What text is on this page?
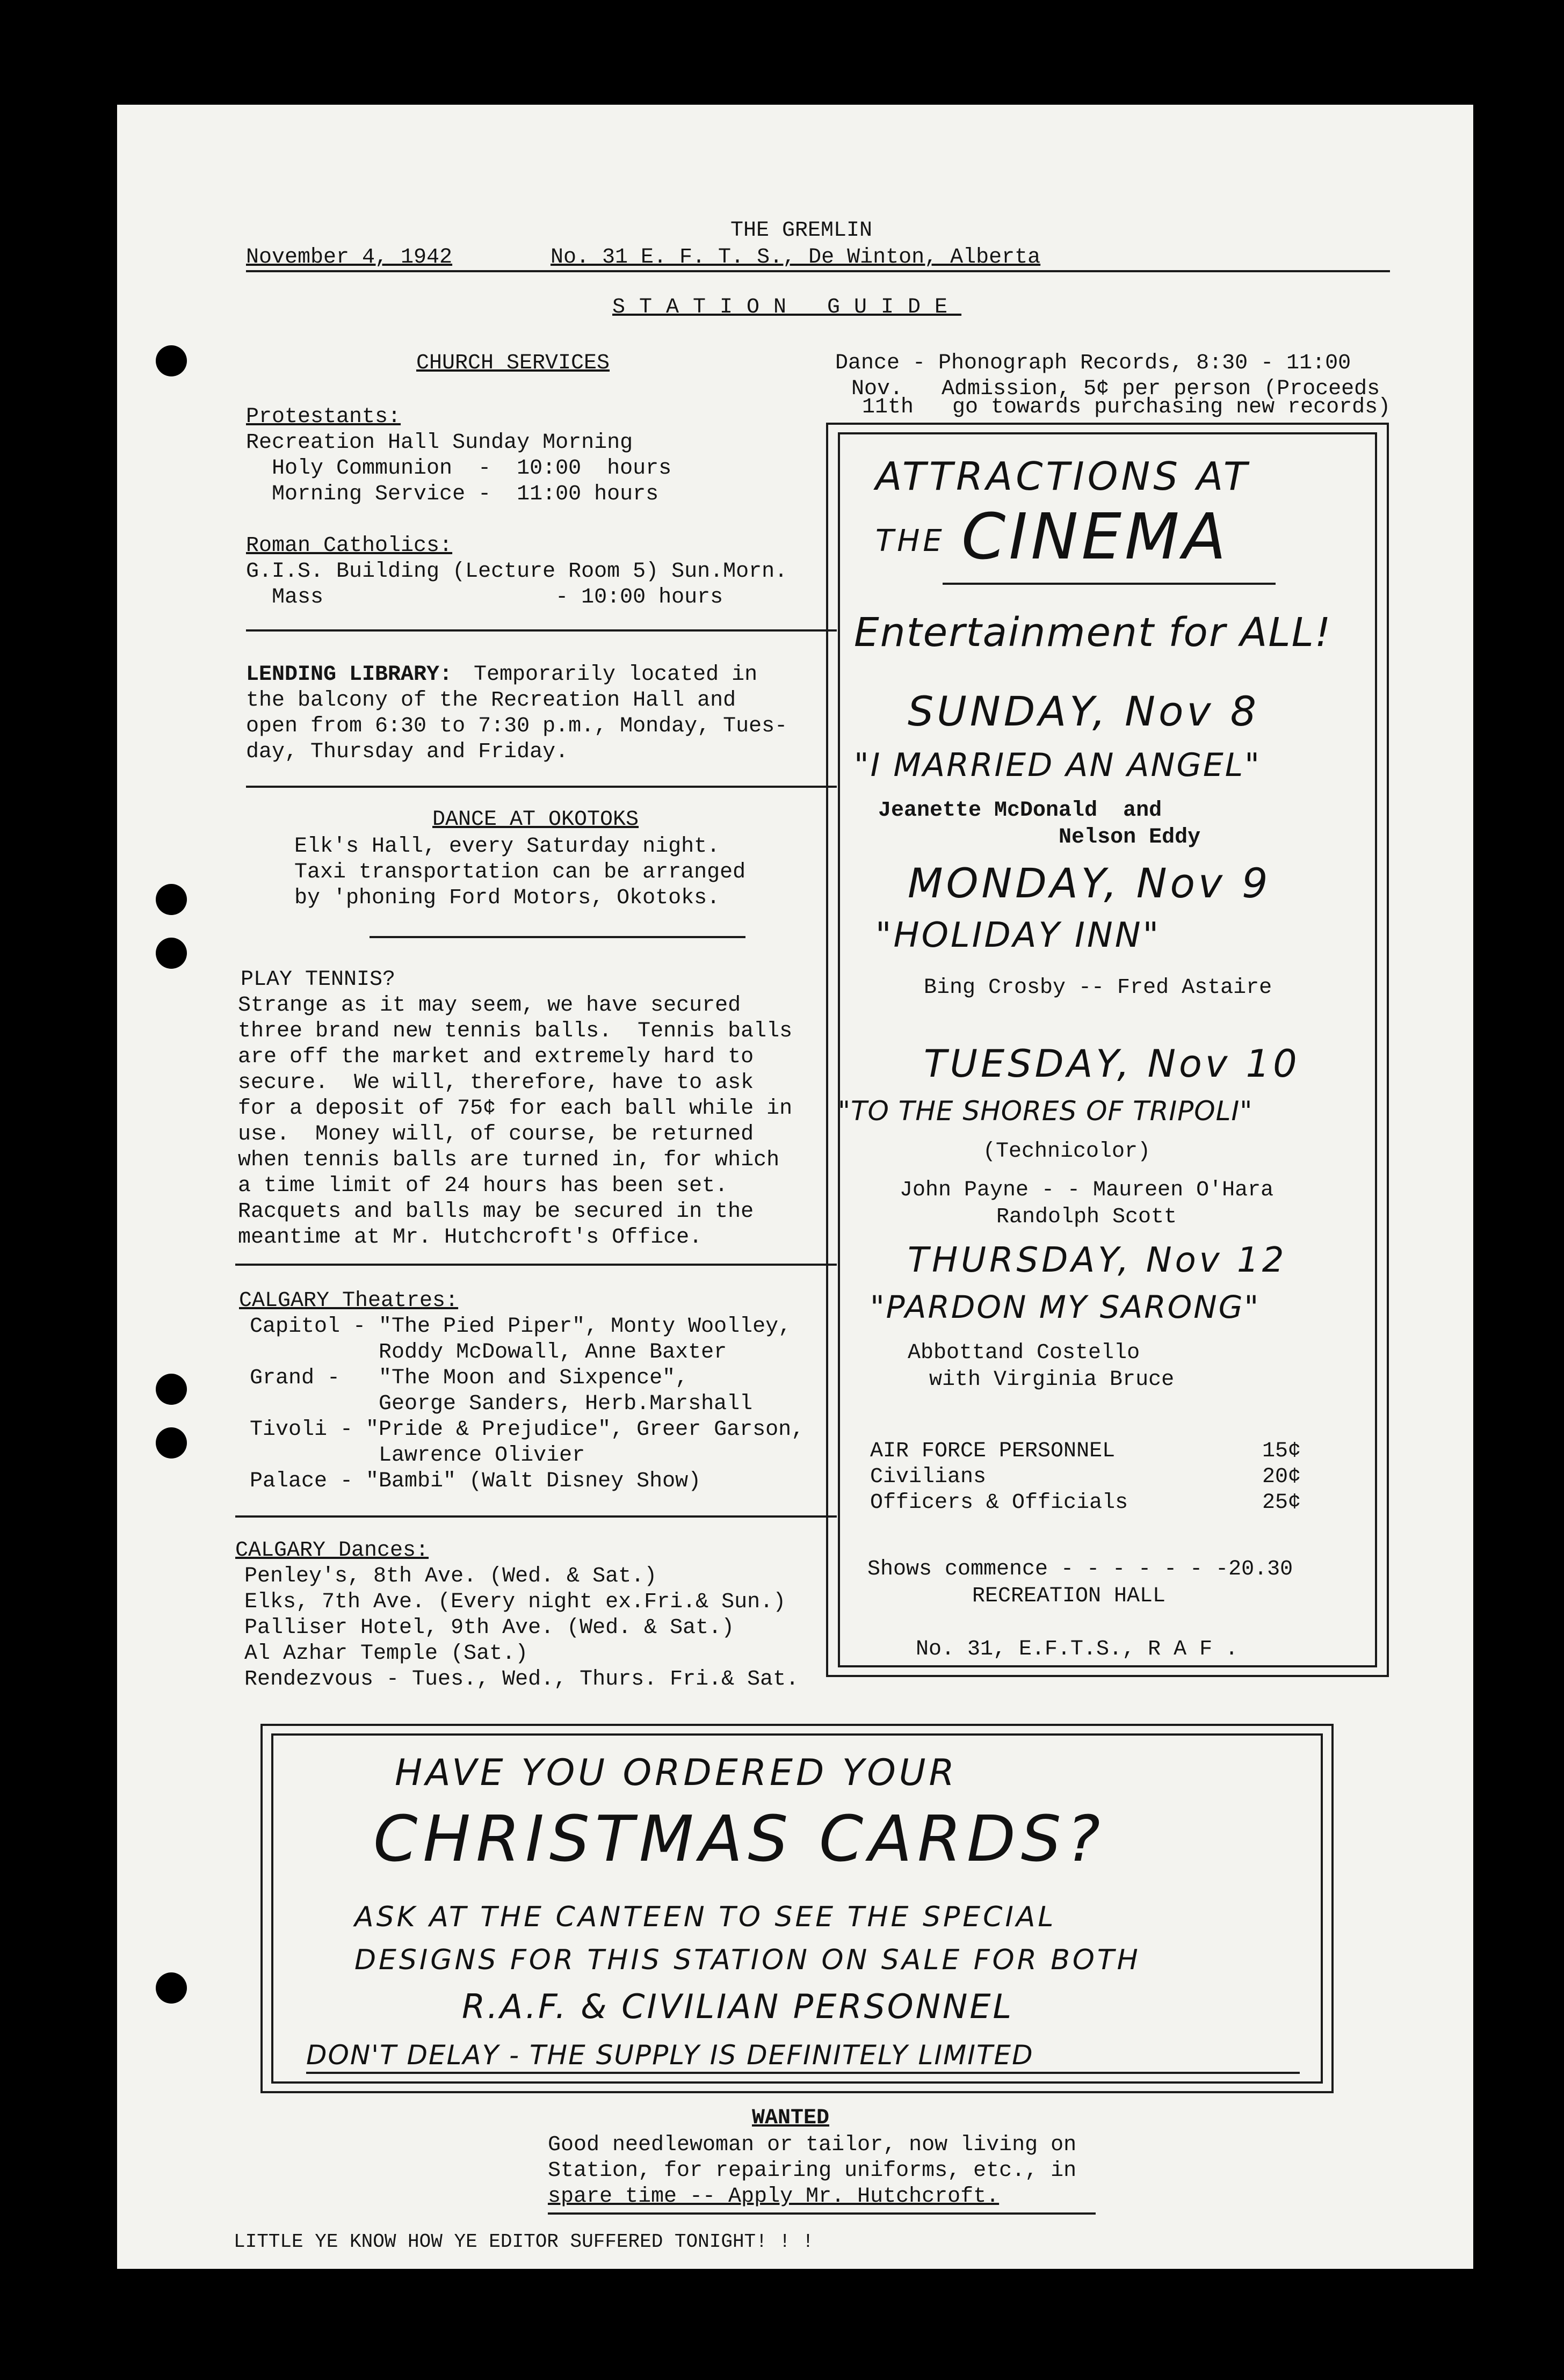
THE GREMLIN
November 4, 1942	No. 31 E. F. T. S., De Winton, Alberta
STATION GUIDE
CHURCH SERVICES
Protestants:
Recreation Hall Sunday Morning
Holy Communion  -  10:00  hours
Morning Service -  11:00 hours
Roman Catholics:
G.I.S. Building (Lecture Room 5) Sun.Morn.
Mass                  - 10:00 hours
LENDING LIBRARY: Temporarily located in
the balcony of the Recreation Hall and
open from 6:30 to 7:30 p.m., Monday, Tues-
day, Thursday and Friday.
DANCE AT OKOTOKS
Elk's Hall, every Saturday night.
Taxi transportation can be arranged
by 'phoning Ford Motors, Okotoks.
PLAY TENNIS?
Strange as it may seem, we have secured
three brand new tennis balls.  Tennis balls
are off the market and extremely hard to
secure.  We will, therefore, have to ask
for a deposit of 75¢ for each ball while in
use.  Money will, of course, be returned
when tennis balls are turned in, for which
a time limit of 24 hours has been set.
Racquets and balls may be secured in the
meantime at Mr. Hutchcroft's Office.
CALGARY Theatres:
Capitol - "The Pied Piper", Monty Woolley,
Roddy McDowall, Anne Baxter
Grand -   "The Moon and Sixpence",
George Sanders, Herb.Marshall
Tivoli - "Pride & Prejudice", Greer Garson,
Lawrence Olivier
Palace - "Bambi" (Walt Disney Show)
CALGARY Dances:
Penley's, 8th Ave. (Wed. & Sat.)
Elks, 7th Ave. (Every night ex.Fri.& Sun.)
Palliser Hotel, 9th Ave. (Wed. & Sat.)
Al Azhar Temple (Sat.)
Rendezvous - Tues., Wed., Thurs. Fri.& Sat.
Dance - Phonograph Records, 8:30 - 11:00
Nov.   Admission, 5¢ per person (Proceeds
11th   go towards purchasing new records)
ATTRACTIONS AT
THE CINEMA
Entertainment for ALL!
SUNDAY, Nov 8
"I MARRIED AN ANGEL"
Jeanette McDonald  and
Nelson Eddy
MONDAY, Nov 9
"HOLIDAY INN"
Bing Crosby -- Fred Astaire
TUESDAY, Nov 10
"TO THE SHORES OF TRIPOLI"
(Technicolor)
John Payne - - Maureen O'Hara
Randolph Scott
THURSDAY, Nov 12
"PARDON MY SARONG"
Abbottand Costello
with Virginia Bruce
AIR FORCE PERSONNEL	15¢
Civilians	20¢
Officers & Officials	25¢
Shows commence - - - - - - -20.30
RECREATION HALL
No. 31, E.F.T.S., R A F .
HAVE YOU ORDERED YOUR
CHRISTMAS CARDS?
ASK AT THE CANTEEN TO SEE THE SPECIAL
DESIGNS FOR THIS STATION ON SALE FOR BOTH
R.A.F. & CIVILIAN PERSONNEL
DON'T DELAY - THE SUPPLY IS DEFINITELY LIMITED
WANTED
Good needlewoman or tailor, now living on
Station, for repairing uniforms, etc., in
spare time -- Apply Mr. Hutchcroft.
LITTLE YE KNOW HOW YE EDITOR SUFFERED TONIGHT! ! !
